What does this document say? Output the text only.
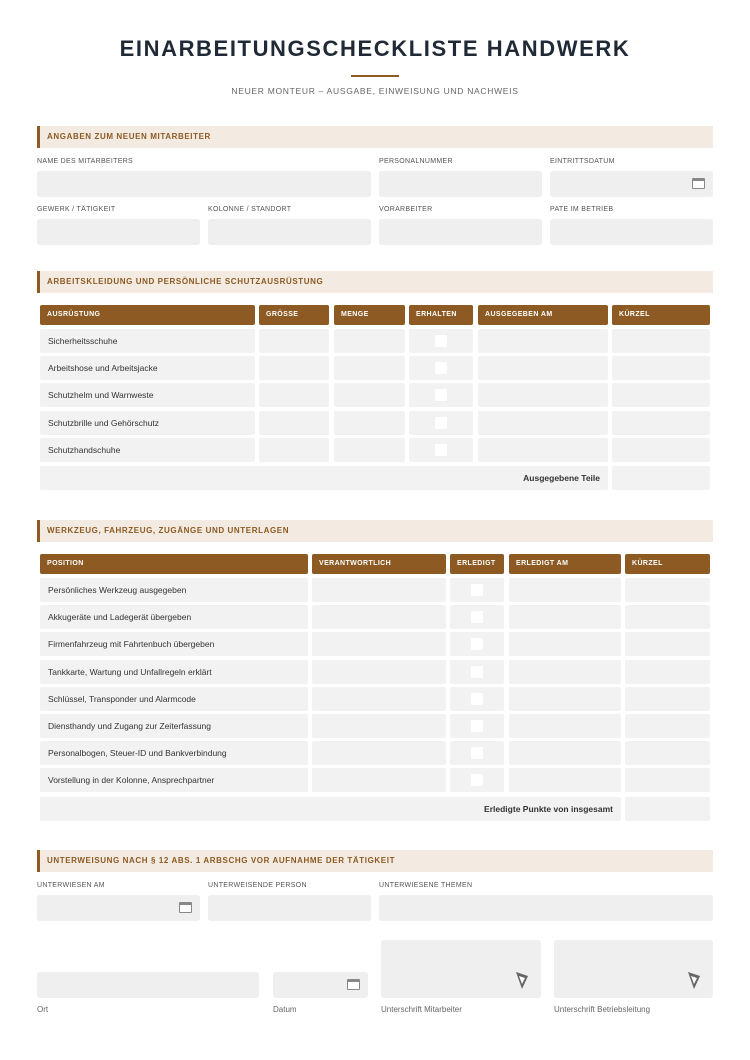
EINARBEITUNGSCHECKLISTE HANDWERK
NEUER MONTEUR – AUSGABE, EINWEISUNG UND NACHWEIS
ANGABEN ZUM NEUEN MITARBEITER
NAME DES MITARBEITERS	PERSONALNUMMER	EINTRITTSDATUM
GEWERK / TÄTIGKEIT	KOLONNE / STANDORT	VORARBEITER	PATE IM BETRIEB
ARBEITSKLEIDUNG UND PERSÖNLICHE SCHUTZAUSRÜSTUNG
WERKZEUG, FAHRZEUG, ZUGÄNGE UND UNTERLAGEN
UNTERWEISUNG NACH § 12 ABS. 1 ARBSCHG VOR AUFNAHME DER TÄTIGKEIT
UNTERWIESEN AM	UNTERWEISENDE PERSON	UNTERWIESENE THEMEN
Ort	Datum	Unterschrift Mitarbeiter	Unterschrift Betriebsleitung
AUSRÜSTUNG	GRÖSSE	MENGE	ERHALTEN	AUSGEGEBEN AM	KÜRZEL
Sicherheitsschuhe
Arbeitshose und Arbeitsjacke
Schutzhelm und Warnweste
Schutzbrille und Gehörschutz
Schutzhandschuhe
Ausgegebene Teile
POSITION	VERANTWORTLICH	ERLEDIGT	ERLEDIGT AM	KÜRZEL
Persönliches Werkzeug ausgegeben
Akkugeräte und Ladegerät übergeben
Firmenfahrzeug mit Fahrtenbuch übergeben
Tankkarte, Wartung und Unfallregeln erklärt
Schlüssel, Transponder und Alarmcode
Diensthandy und Zugang zur Zeiterfassung
Personalbogen, Steuer-ID und Bankverbindung
Vorstellung in der Kolonne, Ansprechpartner
Erledigte Punkte von insgesamt
